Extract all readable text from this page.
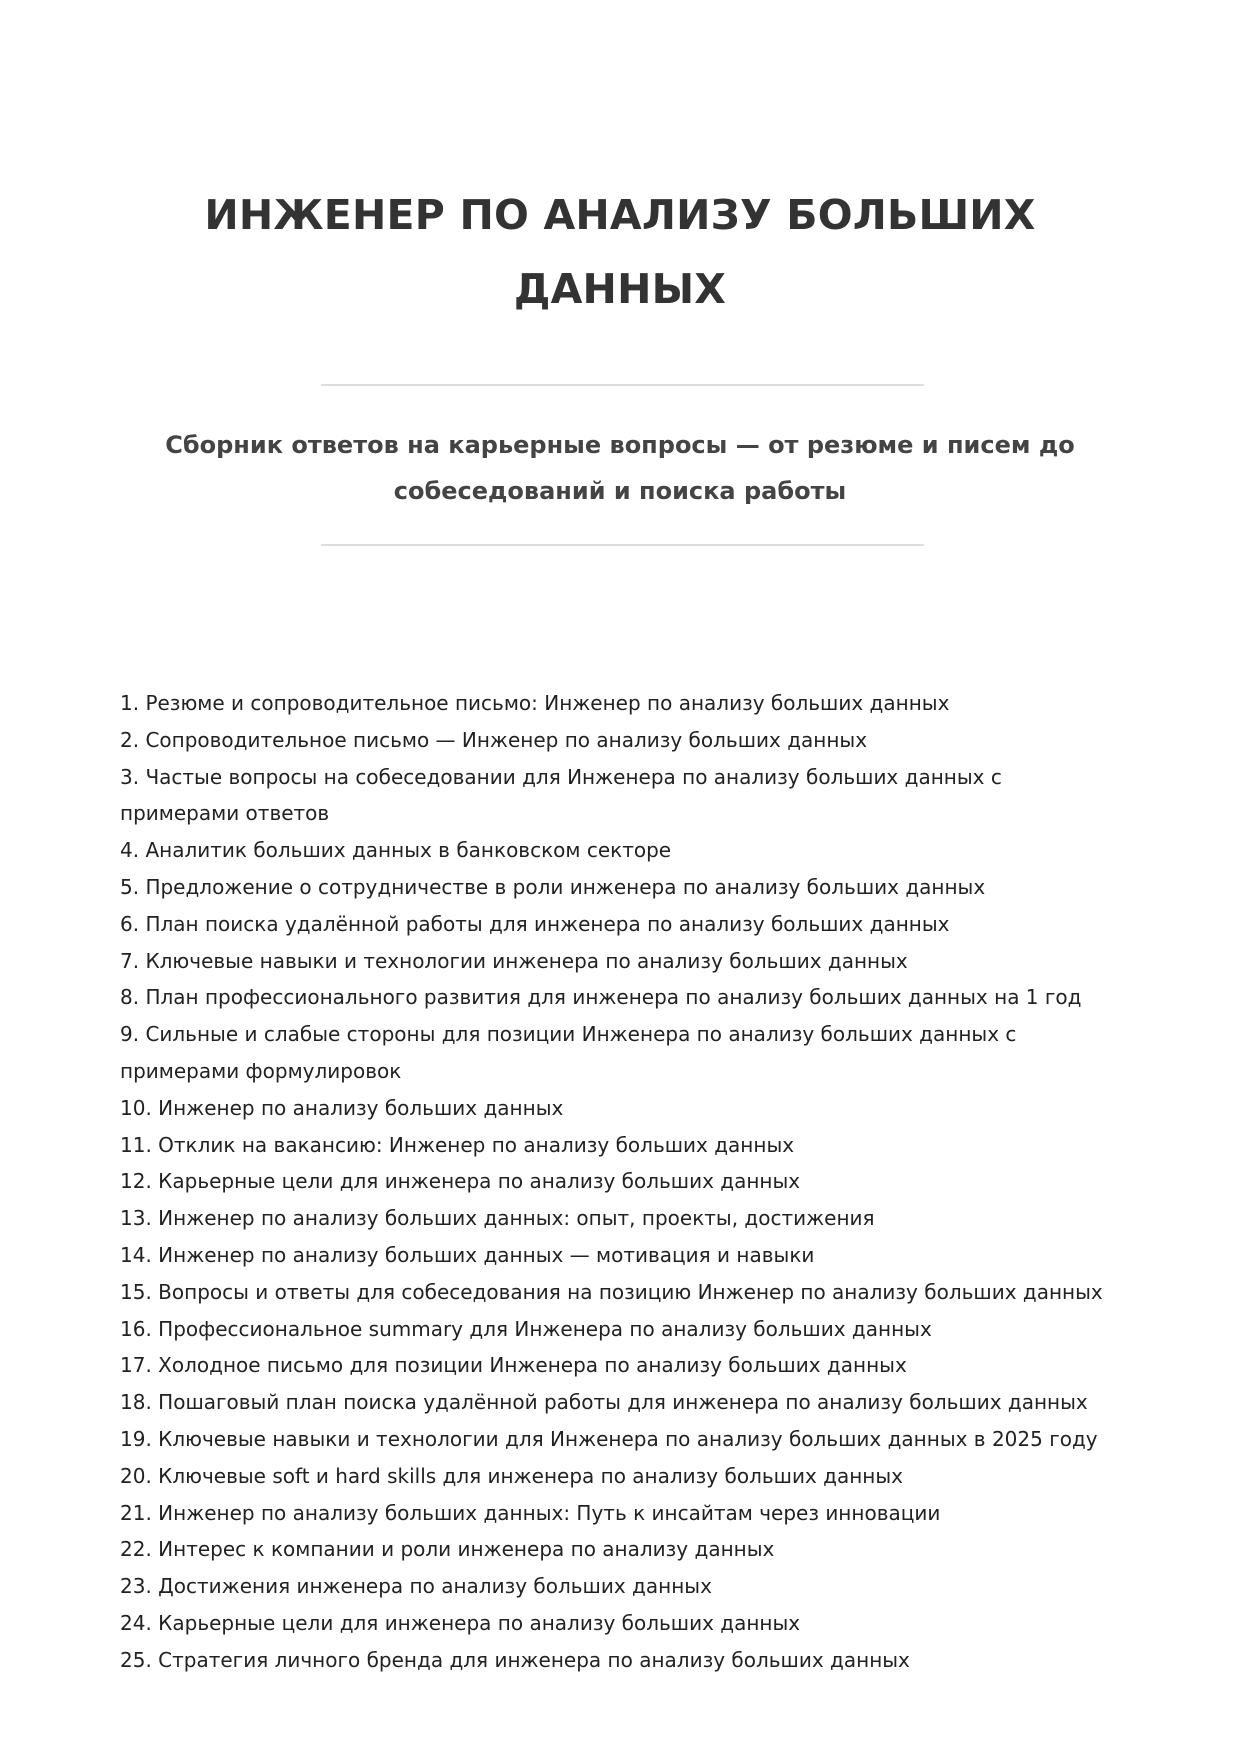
ИНЖЕНЕР ПО АНАЛИЗУ БОЛЬШИХ ДАННЫХ

Сборник ответов на карьерные вопросы — от резюме и писем до собеседований и поиска работы

1. Резюме и сопроводительное письмо: Инженер по анализу больших данных
2. Сопроводительное письмо — Инженер по анализу больших данных
3. Частые вопросы на собеседовании для Инженера по анализу больших данных с примерами ответов
4. Аналитик больших данных в банковском секторе
5. Предложение о сотрудничестве в роли инженера по анализу больших данных
6. План поиска удалённой работы для инженера по анализу больших данных
7. Ключевые навыки и технологии инженера по анализу больших данных
8. План профессионального развития для инженера по анализу больших данных на 1 год
9. Сильные и слабые стороны для позиции Инженера по анализу больших данных с примерами формулировок
10. Инженер по анализу больших данных
11. Отклик на вакансию: Инженер по анализу больших данных
12. Карьерные цели для инженера по анализу больших данных
13. Инженер по анализу больших данных: опыт, проекты, достижения
14. Инженер по анализу больших данных — мотивация и навыки
15. Вопросы и ответы для собеседования на позицию Инженер по анализу больших данных
16. Профессиональное summary для Инженера по анализу больших данных
17. Холодное письмо для позиции Инженера по анализу больших данных
18. Пошаговый план поиска удалённой работы для инженера по анализу больших данных
19. Ключевые навыки и технологии для Инженера по анализу больших данных в 2025 году
20. Ключевые soft и hard skills для инженера по анализу больших данных
21. Инженер по анализу больших данных: Путь к инсайтам через инновации
22. Интерес к компании и роли инженера по анализу данных
23. Достижения инженера по анализу больших данных
24. Карьерные цели для инженера по анализу больших данных
25. Стратегия личного бренда для инженера по анализу больших данных
